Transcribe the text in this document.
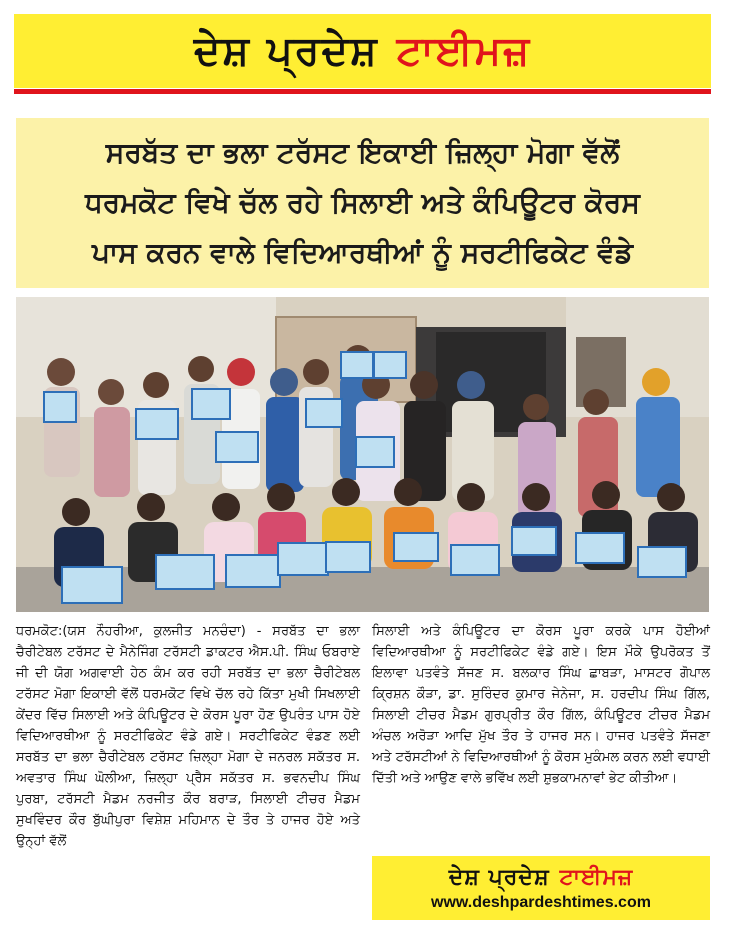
ਦੇਸ਼ ਪ੍ਰਦੇਸ਼ ਟਾਈਮਜ਼
ਸਰਬੱਤ ਦਾ ਭਲਾ ਟਰੱਸਟ ਇਕਾਈ ਜ਼ਿਲ੍ਹਾ ਮੋਗਾ ਵੱਲੋਂ
ਧਰਮਕੋਟ ਵਿਖੇ ਚੱਲ ਰਹੇ ਸਿਲਾਈ ਅਤੇ ਕੰਪਿਊਟਰ ਕੋਰਸ
ਪਾਸ ਕਰਨ ਵਾਲੇ ਵਿਦਿਆਰਥੀਆਂ ਨੂੰ ਸਰਟੀਫਿਕੇਟ ਵੰਡੇ

ਧਰਮਕੋਟ:(ਯਸ ਨੌਹਰੀਆ, ਕੁਲਜੀਤ ਮਨਚੰਦਾ) - ਸਰਬੱਤ ਦਾ ਭਲਾ ਚੈਰੀਟੇਬਲ ਟਰੱਸਟ ਦੇ ਮੈਨੇਜਿੰਗ ਟਰੱਸਟੀ ਡਾਕਟਰ ਐਸ.ਪੀ. ਸਿੰਘ ਓਬਰਾਏ ਜੀ ਦੀ ਯੋਗ ਅਗਵਾਈ ਹੇਠ ਕੰਮ ਕਰ ਰਹੀ ਸਰਬੱਤ ਦਾ ਭਲਾ ਚੈਰੀਟੇਬਲ ਟਰੱਸਟ ਮੋਗਾ ਇਕਾਈ ਵੱਲੋਂ ਧਰਮਕੋਟ ਵਿਖੇ ਚੱਲ ਰਹੇ ਕਿੱਤਾ ਮੁਖੀ ਸਿਖਲਾਈ ਕੇਂਦਰ ਵਿੱਚ ਸਿਲਾਈ ਅਤੇ ਕੰਪਿਊਟਰ ਦੇ ਕੋਰਸ ਪੂਰਾ ਹੋਣ ਉਪਰੰਤ ਪਾਸ ਹੋਏ ਵਿਦਿਆਰਥੀਆ ਨੂੰ ਸਰਟੀਫਿਕੇਟ ਵੰਡੇ ਗਏ। ਸਰਟੀਫਿਕੇਟ ਵੰਡਣ ਲਈ ਸਰਬੱਤ ਦਾ ਭਲਾ ਚੈਰੀਟੇਬਲ ਟਰੱਸਟ ਜ਼ਿਲ੍ਹਾ ਮੋਗਾ ਦੇ ਜਨਰਲ ਸਕੱਤਰ ਸ. ਅਵਤਾਰ ਸਿੰਘ ਘੋਲੀਆ, ਜ਼ਿਲ੍ਹਾ ਪ੍ਰੈਸ ਸਕੱਤਰ ਸ. ਭਵਨਦੀਪ ਸਿੰਘ ਪੁਰਬਾ, ਟਰੱਸਟੀ ਮੈਡਮ ਨਰਜੀਤ ਕੌਰ ਬਰਾੜ, ਸਿਲਾਈ ਟੀਚਰ ਮੈਡਮ ਸੁਖਵਿੰਦਰ ਕੌਰ ਬੁੱਘੀਪੁਰਾ ਵਿਸ਼ੇਸ਼ ਮਹਿਮਾਨ ਦੇ ਤੌਰ ਤੇ ਹਾਜਰ ਹੋਏ ਅਤੇ ਉਨ੍ਹਾਂ ਵੱਲੋਂ

ਸਿਲਾਈ ਅਤੇ ਕੰਪਿਊਟਰ ਦਾ ਕੋਰਸ ਪੂਰਾ ਕਰਕੇ ਪਾਸ ਹੋਈਆਂ ਵਿਦਿਆਰਥੀਆ ਨੂੰ ਸਰਟੀਫਿਕੇਟ ਵੰਡੇ ਗਏ। ਇਸ ਮੌਕੇ ਉਪਰੋਕਤ ਤੋਂ ਇਲਾਵਾ ਪਤਵੰਤੇ ਸੱਜਣ ਸ. ਬਲਕਾਰ ਸਿੰਘ ਛਾਬੜਾ, ਮਾਸਟਰ ਗੋਪਾਲ ਕ੍ਰਿਸ਼ਨ ਕੌੜਾ, ਡਾ. ਸੁਰਿੰਦਰ ਕੁਮਾਰ ਜੇਨੇਜਾ, ਸ. ਹਰਦੀਪ ਸਿੰਘ ਗਿੱਲ, ਸਿਲਾਈ ਟੀਚਰ ਮੈਡਮ ਗੁਰਪ੍ਰੀਤ ਕੌਰ ਗਿੱਲ, ਕੰਪਿਊਟਰ ਟੀਚਰ ਮੈਡਮ ਅੰਚਲ ਅਰੋੜਾ ਆਦਿ ਮੁੱਖ ਤੌਰ ਤੇ ਹਾਜਰ ਸਨ। ਹਾਜਰ ਪਤਵੰਤੇ ਸੱਜਣਾ ਅਤੇ ਟਰੱਸਟੀਆਂ ਨੇ ਵਿਦਿਆਰਥੀਆਂ ਨੂੰ ਕੋਰਸ ਮੁਕੰਮਲ ਕਰਨ ਲਈ ਵਧਾਈ ਦਿੱਤੀ ਅਤੇ ਆਉਣ ਵਾਲੇ ਭਵਿੱਖ ਲਈ ਸ਼ੁਭਕਾਮਨਾਵਾਂ ਭੇਟ ਕੀਤੀਆ।

ਦੇਸ਼ ਪ੍ਰਦੇਸ਼ ਟਾਈਮਜ਼
www.deshpardeshtimes.com
